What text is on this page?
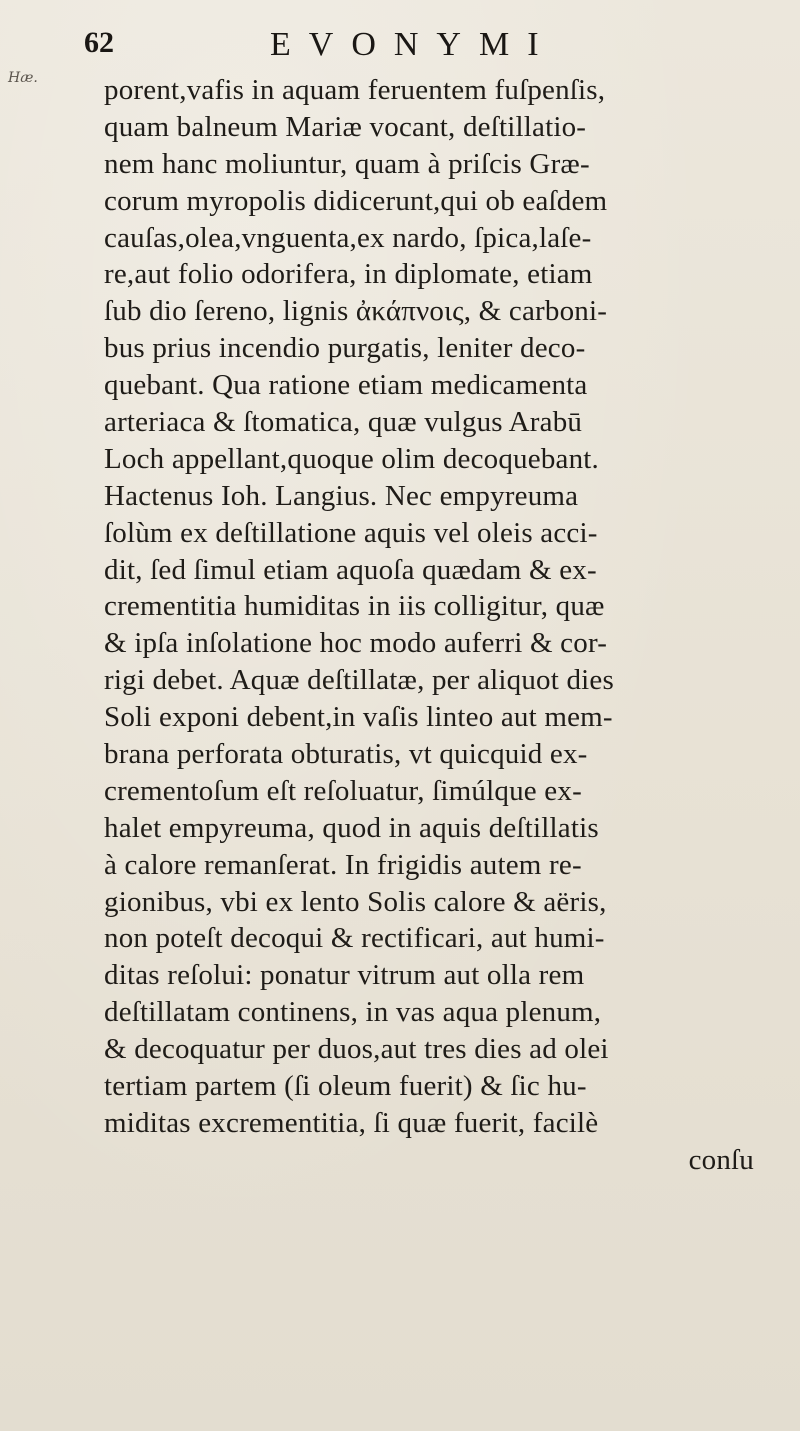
62	EVONYMI
Hæ. porent,vafis in aquam feruentem fuſpenſis,
quam balneum Mariæ vocant, deſtillatio-
nem hanc moliuntur, quam à priſcis Græ-
corum myropolis didicerunt,qui ob eaſdem
cauſas,olea,vnguenta,ex nardo, ſpica,laſe-
re,aut folio odorifera, in diplomate, etiam
ſub dio ſereno, lignis ἀκάπνοις, & carboni-
bus prius incendio purgatis, leniter deco-
quebant. Qua ratione etiam medicamenta
arteriaca & ſtomatica, quæ vulgus Arabū
Loch appellant,quoque olim decoquebant.
Hactenus Ioh. Langius. Nec empyreuma
ſolùm ex deſtillatione aquis vel oleis acci-
dit, ſed ſimul etiam aquoſa quædam & ex-
crementitia humiditas in iis colligitur, quæ
& ipſa inſolatione hoc modo auferri & cor-
rigi debet. Aquæ deſtillatæ, per aliquot dies
Soli exponi debent,in vaſis linteo aut mem-
brana perforata obturatis, vt quicquid ex-
crementoſum eſt reſoluatur, ſimúlque ex-
halet empyreuma, quod in aquis deſtillatis
à calore remanſerat. In frigidis autem re-
gionibus, vbi ex lento Solis calore & aëris,
non poteſt decoqui & rectificari, aut humi-
ditas reſolui: ponatur vitrum aut olla rem
deſtillatam continens, in vas aqua plenum,
& decoquatur per duos,aut tres dies ad olei
tertiam partem (ſi oleum fuerit) & ſic hu-
miditas excrementitia, ſi quæ fuerit, facilè
conſu
